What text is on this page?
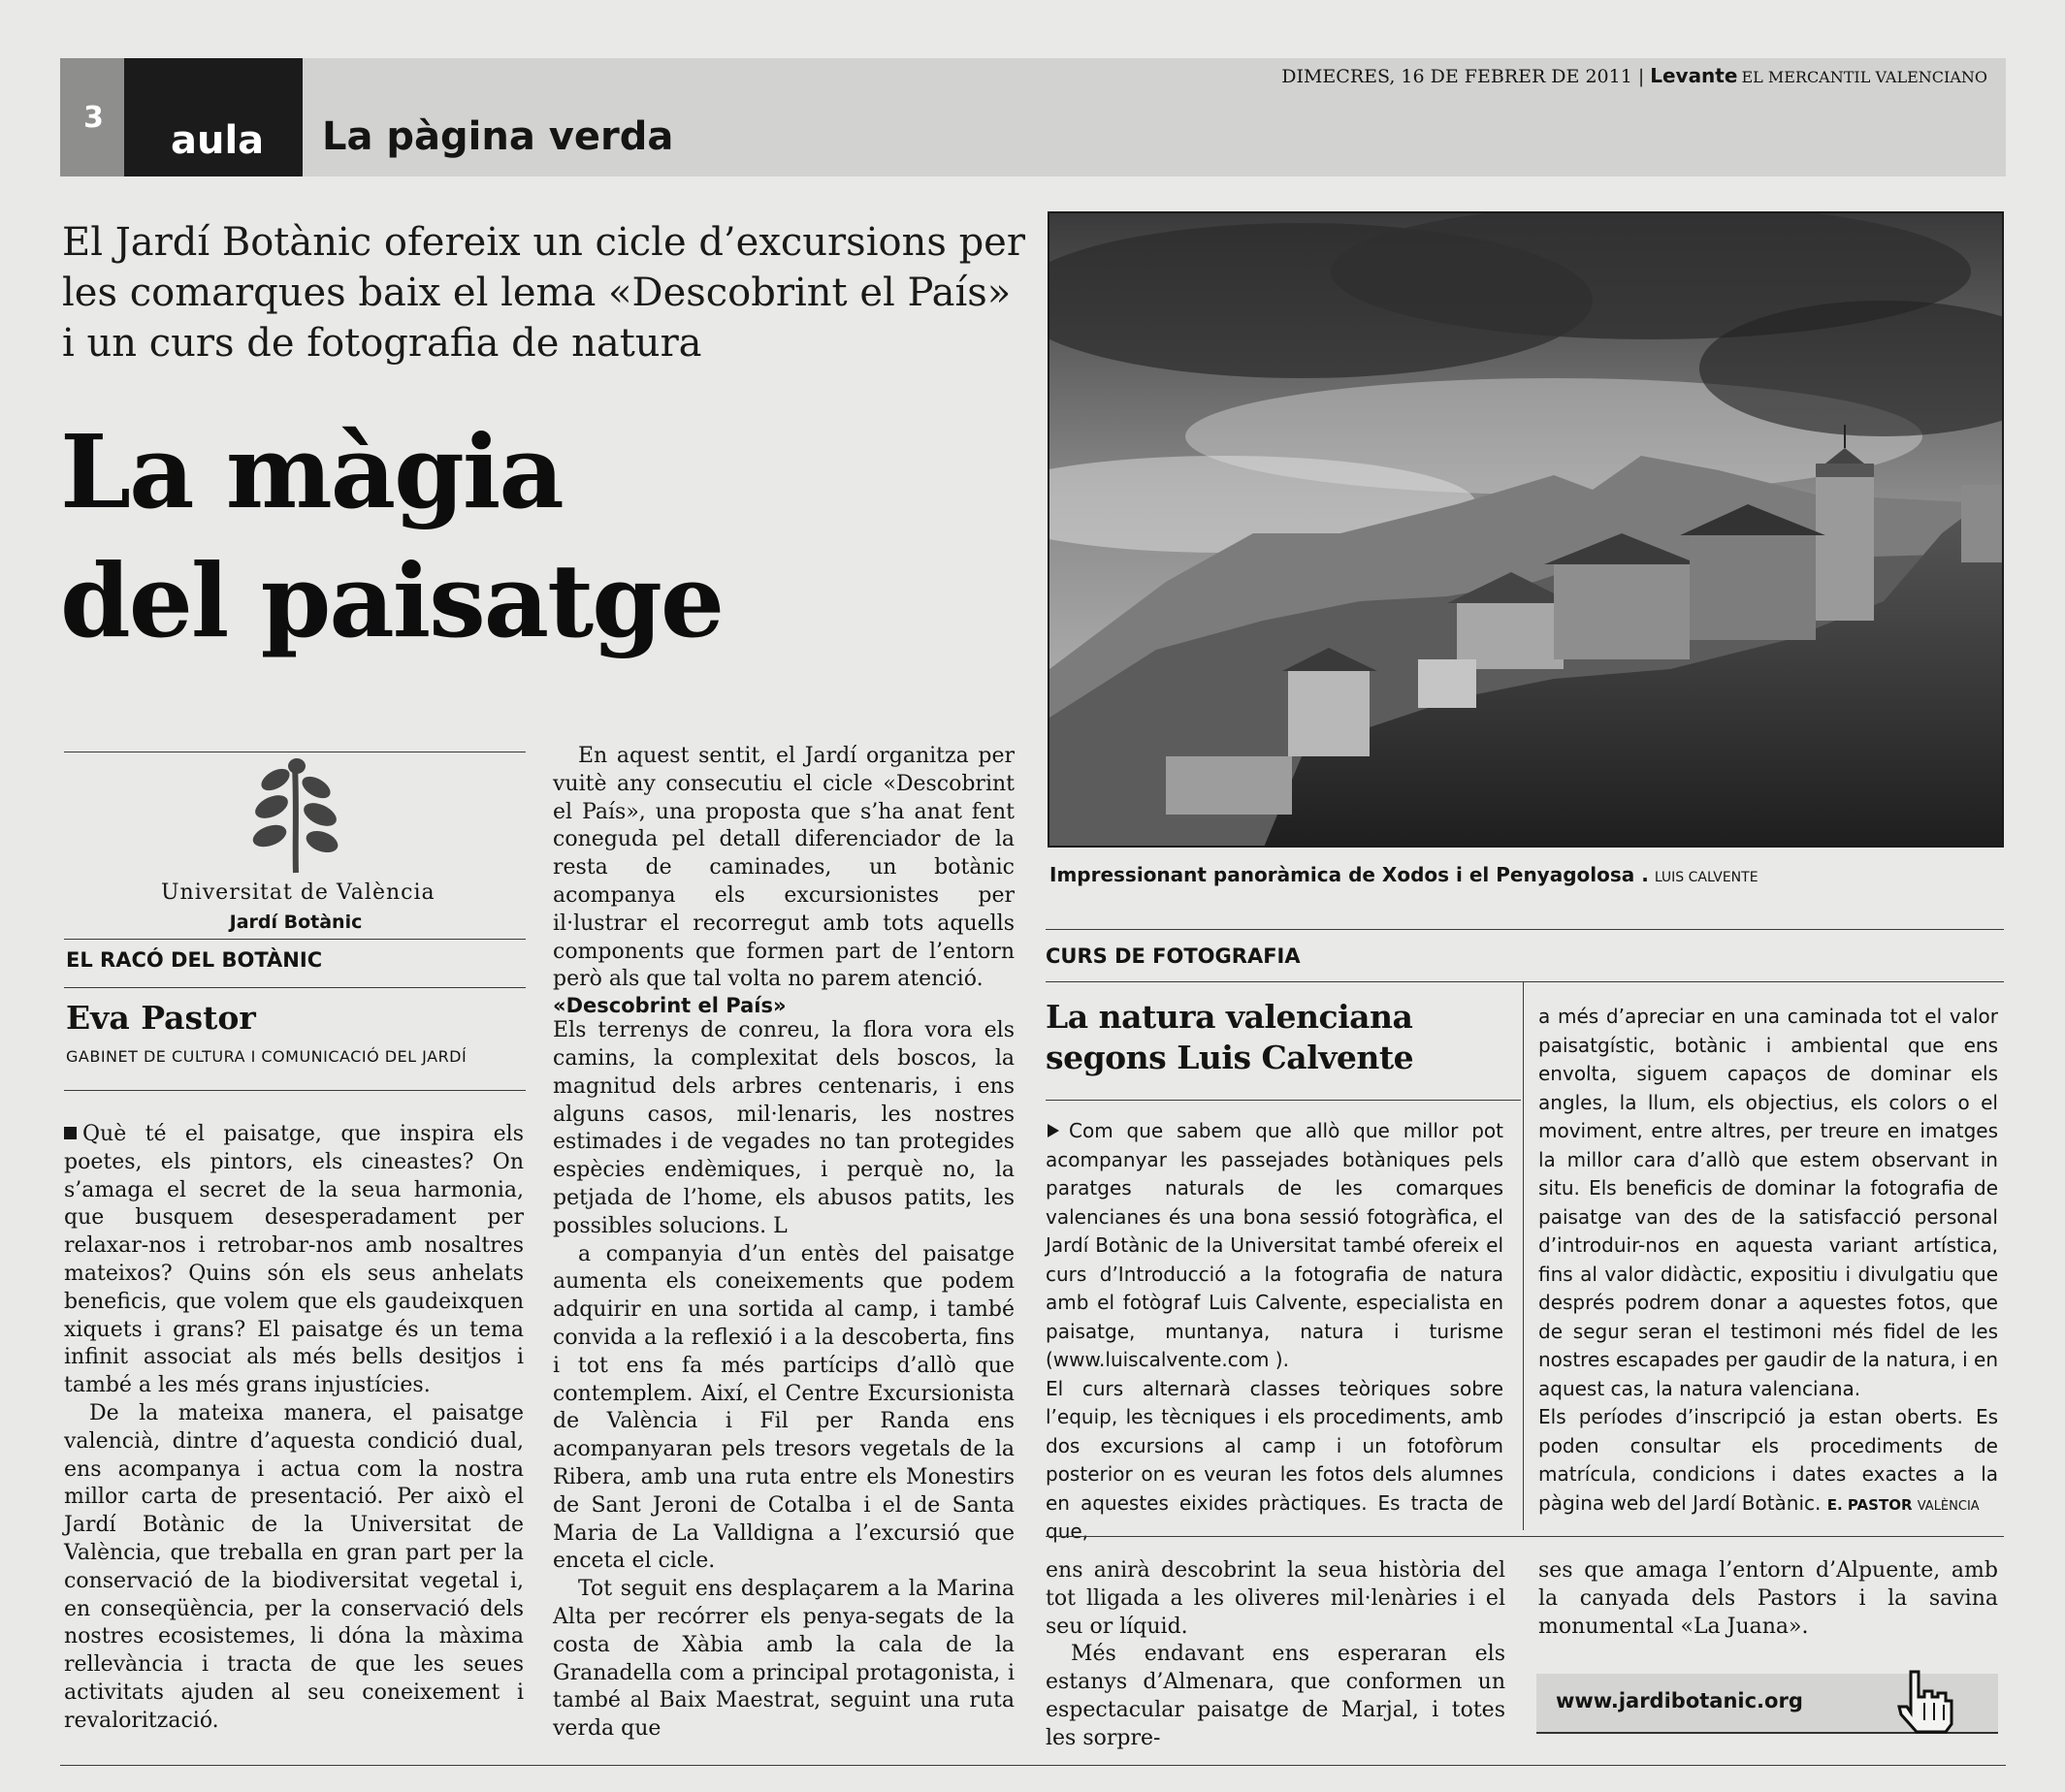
3
aula La pàgina verda
DIMECRES, 16 DE FEBRER DE 2011 | Levante EL MERCANTIL VALENCIANO

El Jardí Botànic ofereix un cicle d’excursions per les comarques baix el lema «Descobrint el País» i un curs de fotografia de natura

La màgia
del paisatge
Impressionant panoràmica de Xodos i el Penyagolosa . LUIS CALVENTE
Universitat de València
Jardí Botànic
EL RACÓ DEL BOTÀNIC
Eva Pastor
GABINET DE CULTURA I COMUNICACIÓ DEL JARDÍ

Què té el paisatge, que inspira els poetes, els pintors, els cineastes? On s’amaga el secret de la seua harmonia, que busquem desesperadament per relaxar-nos i retrobar-nos amb nosaltres mateixos? Quins són els seus anhelats beneficis, que volem que els gaudeixquen xiquets i grans? El paisatge és un tema infinit associat als més bells desitjos i també a les més grans injustícies.

De la mateixa manera, el paisatge valencià, dintre d’aquesta condició dual, ens acompanya i actua com la nostra millor carta de presentació. Per això el Jardí Botànic de la Universitat de València, que treballa en gran part per la conservació de la biodiversitat vegetal i, en conseqüència, per la conservació dels nostres ecosistemes, li dóna la màxima rellevància i tracta de que les seues activitats ajuden al seu coneixement i revalorització.

En aquest sentit, el Jardí organitza per vuitè any consecutiu el cicle «Descobrint el País», una proposta que s’ha anat fent coneguda pel detall diferenciador de la resta de caminades, un botànic acompanya els excursionistes per il·lustrar el recorregut amb tots aquells components que formen part de l’entorn però als que tal volta no parem atenció.

«Descobrint el País»

Els terrenys de conreu, la flora vora els camins, la complexitat dels boscos, la magnitud dels arbres centenaris, i ens alguns casos, mil·lenaris, les nostres estimades i de vegades no tan protegides espècies endèmiques, i perquè no, la petjada de l’home, els abusos patits, les possibles solucions. L

a companyia d’un entès del paisatge aumenta els coneixements que podem adquirir en una sortida al camp, i també convida a la reflexió i a la descoberta, fins i tot ens fa més partícips d’allò que contemplem. Així, el Centre Excursionista de València i Fil per Randa ens acompanyaran pels tresors vegetals de la Ribera, amb una ruta entre els Monestirs de Sant Jeroni de Cotalba i el de Santa Maria de La Valldigna a l’excursió que enceta el cicle.

Tot seguit ens desplaçarem a la Marina Alta per recórrer els penya-segats de la costa de Xàbia amb la cala de la Granadella com a principal protagonista, i també al Baix Maestrat, seguint una ruta verda que

CURS DE FOTOGRAFIA
La natura valenciana segons Luis Calvente

Com que sabem que allò que millor pot acompanyar les passejades botàniques pels paratges naturals de les comarques valencianes és una bona sessió fotogràfica, el Jardí Botànic de la Universitat també ofereix el curs d’Introducció a la fotografia de natura amb el fotògraf Luis Calvente, especialista en paisatge, muntanya, natura i turisme (www.luiscalvente.com ).

El curs alternarà classes teòriques sobre l’equip, les tècniques i els procediments, amb dos excursions al camp i un fotofòrum posterior on es veuran les fotos dels alumnes en aquestes eixides pràctiques. Es tracta de que,

a més d’apreciar en una caminada tot el valor paisatgístic, botànic i ambiental que ens envolta, siguem capaços de dominar els angles, la llum, els objectius, els colors o el moviment, entre altres, per treure en imatges la millor cara d’allò que estem observant in situ. Els beneficis de dominar la fotografia de paisatge van des de la satisfacció personal d’introduir-nos en aquesta variant artística, fins al valor didàctic, expositiu i divulgatiu que després podrem donar a aquestes fotos, que de segur seran el testimoni més fidel de les nostres escapades per gaudir de la natura, i en aquest cas, la natura valenciana.

Els períodes d’inscripció ja estan oberts. Es poden consultar els procediments de matrícula, condicions i dates exactes a la pàgina web del Jardí Botànic. E. PASTOR VALÈNCIA

ens anirà descobrint la seua història del tot lligada a les oliveres mil·lenàries i el seu or líquid.

Més endavant ens esperaran els estanys d’Almenara, que conformen un espectacular paisatge de Marjal, i totes les sorpre-

ses que amaga l’entorn d’Alpuente, amb la canyada dels Pastors i la savina monumental «La Juana».

www.jardibotanic.org
